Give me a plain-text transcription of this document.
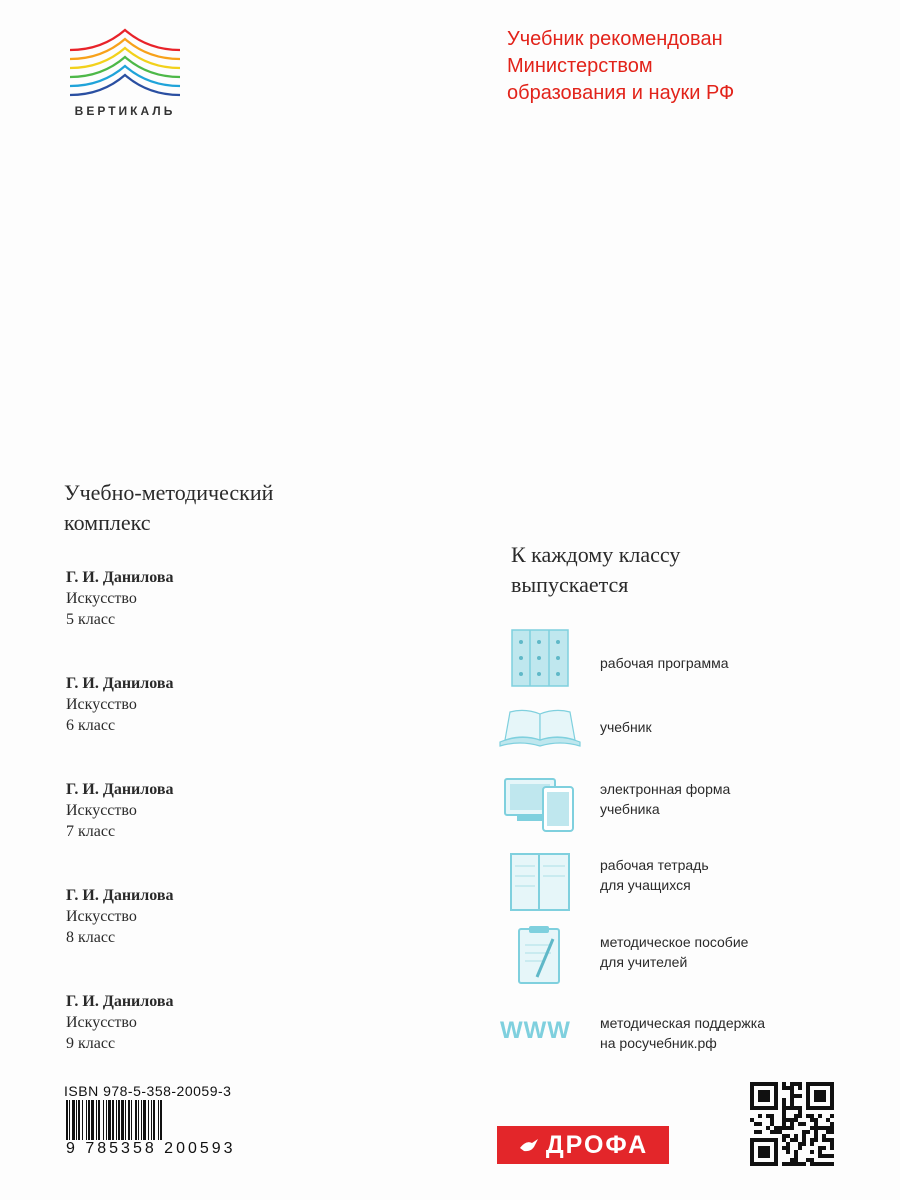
ВЕРТИКАЛЬ
Учебник рекомендован
Министерством
образования и науки РФ
Учебно-методический
комплекс
Г. И. Данилова
Искусство
5 класс
Г. И. Данилова
Искусство
6 класс
Г. И. Данилова
Искусство
7 класс
Г. И. Данилова
Искусство
8 класс
Г. И. Данилова
Искусство
9 класс
К каждому классу
выпускается
рабочая программа
учебник
электронная форма
учебника
рабочая тетрадь
для учащихся
методическое пособие
для учителей
WWW методическая поддержка
на росучебник.рф
ISBN 978-5-358-20059-3
9 785358 200593	ДРОФА
